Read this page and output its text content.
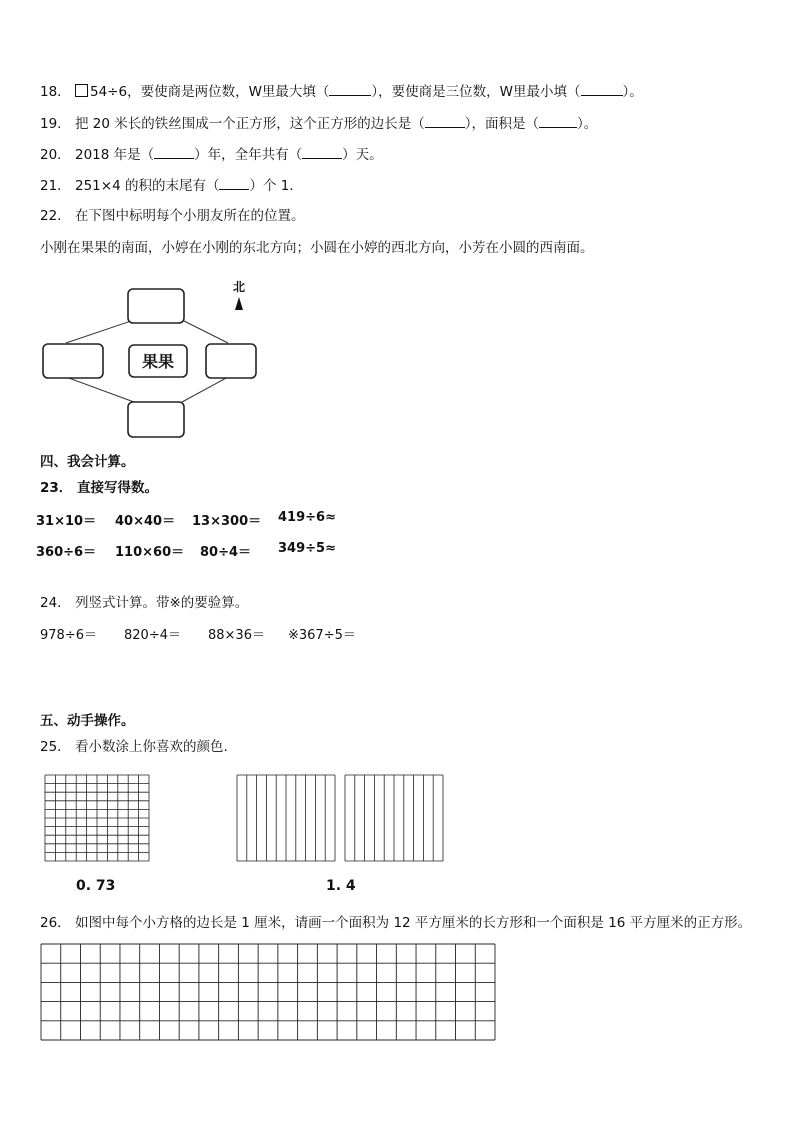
18． 54÷6，要使商是两位数，W里最大填（	），要使商是三位数，W里最小填（	）。
19． 把 20 米长的铁丝围成一个正方形，这个正方形的边长是（	），面积是（	）。
20． 2018 年是（	）年，全年共有（	）天。
21． 251×4 的积的末尾有（ ）个 1．
22． 在下图中标明每个小朋友所在的位置。
小刚在果果的南面，小婷在小刚的东北方向；小圆在小婷的西北方向，小芳在小圆的西南面。
果果
北
四、我会计算。
23． 直接写得数。
31×10＝ 40×40＝ 13×300＝ 419÷6≈
360÷6＝ 110×60＝ 80÷4＝ 349÷5≈
24． 列竖式计算。带※的要验算。
978÷6＝ 820÷4＝ 88×36＝ ※367÷5＝
五、动手操作。
25． 看小数涂上你喜欢的颜色.
0. 73	1. 4
26． 如图中每个小方格的边长是 1 厘米，请画一个面积为 12 平方厘米的长方形和一个面积是 16 平方厘米的正方形。
